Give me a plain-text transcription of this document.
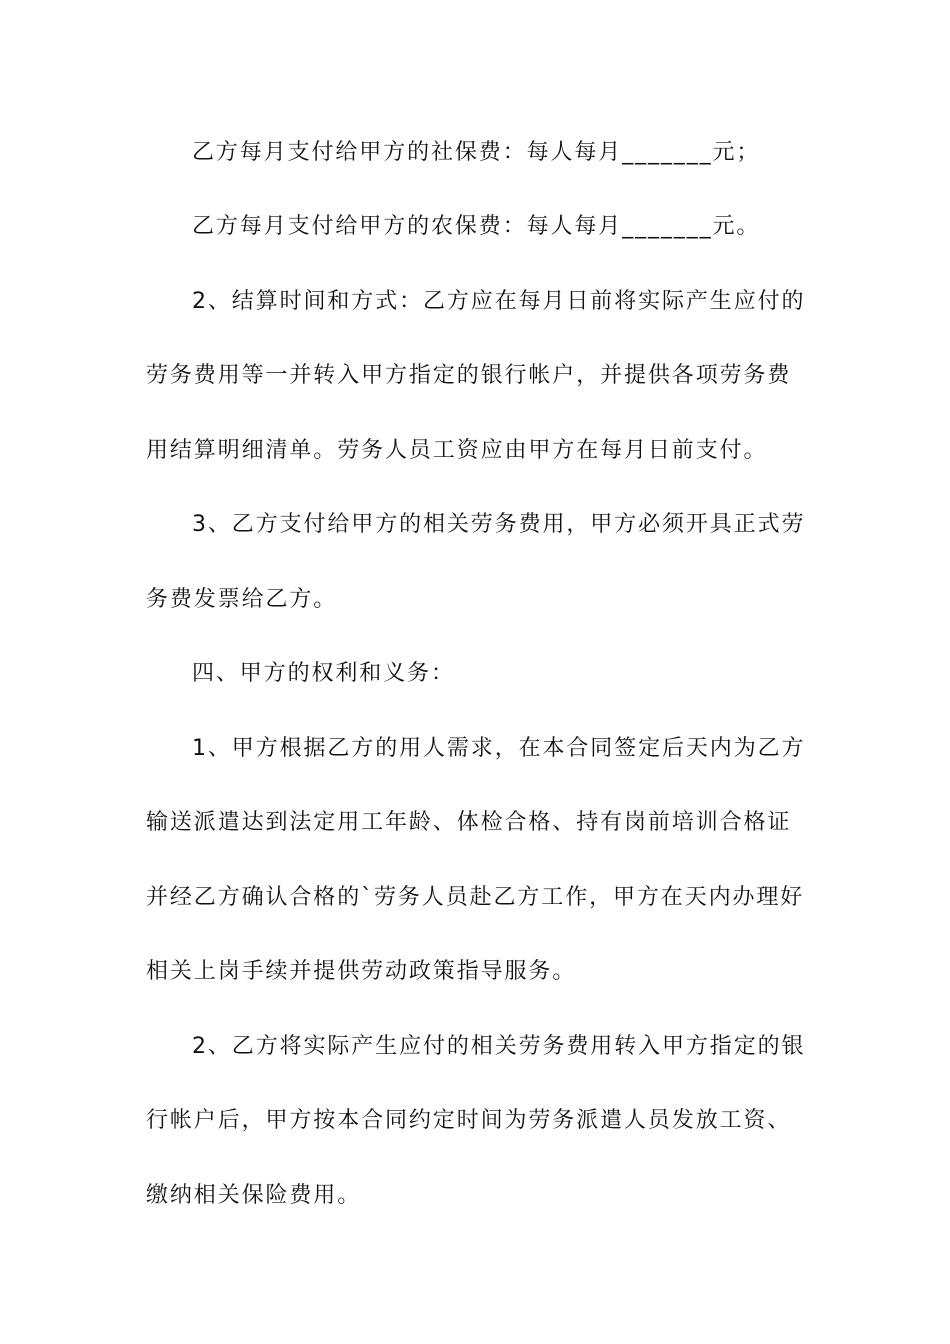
乙方每月支付给甲方的社保费：每人每月_______元；
乙方每月支付给甲方的农保费：每人每月_______元。
2、结算时间和方式：乙方应在每月日前将实际产生应付的
劳务费用等一并转入甲方指定的银行帐户，并提供各项劳务费
用结算明细清单。劳务人员工资应由甲方在每月日前支付。
3、乙方支付给甲方的相关劳务费用，甲方必须开具正式劳
务费发票给乙方。
四、甲方的权利和义务：
1、甲方根据乙方的用人需求，在本合同签定后天内为乙方
输送派遣达到法定用工年龄、体检合格、持有岗前培训合格证
并经乙方确认合格的`劳务人员赴乙方工作，甲方在天内办理好
相关上岗手续并提供劳动政策指导服务。
2、乙方将实际产生应付的相关劳务费用转入甲方指定的银
行帐户后，甲方按本合同约定时间为劳务派遣人员发放工资、
缴纳相关保险费用。
